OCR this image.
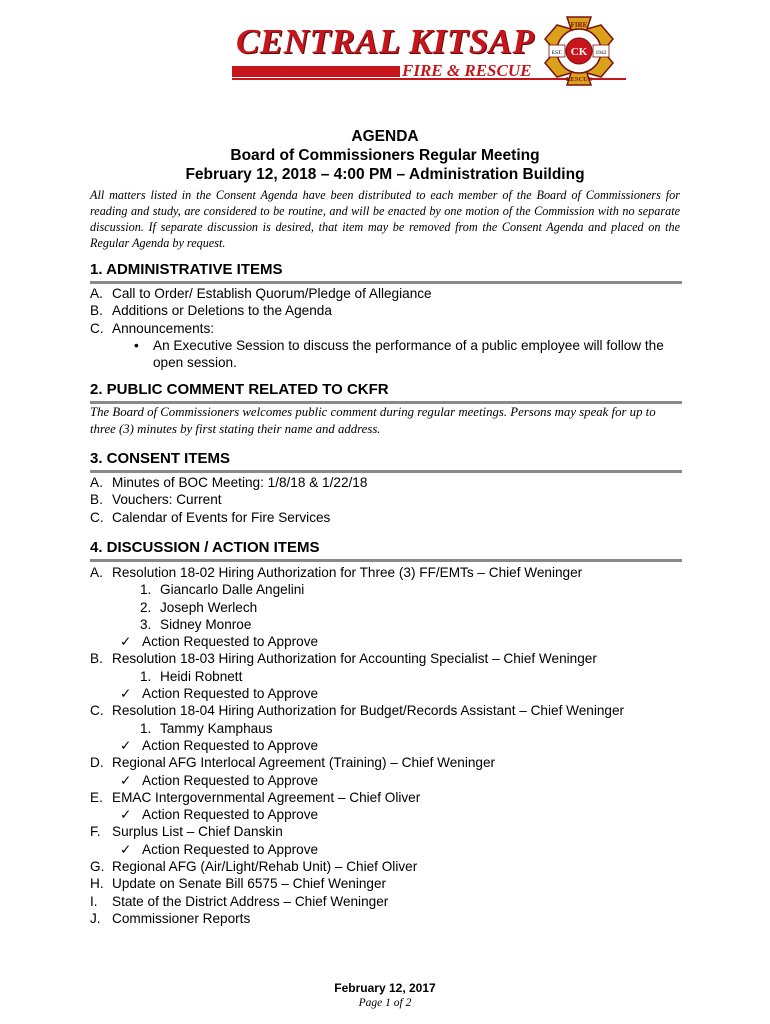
CENTRAL KITSAP
FIRE & RESCUE
EST.	1942
FIRE
RESCUE
CK
AGENDA
Board of Commissioners Regular Meeting
February 12, 2018 – 4:00 PM – Administration Building
All matters listed in the Consent Agenda have been distributed to each member of the Board of Commissioners for reading and study, are considered to be routine, and will be enacted by one motion of the Commission with no separate discussion. If separate discussion is desired, that item may be removed from the Consent Agenda and placed on the Regular Agenda by request.
1. ADMINISTRATIVE ITEMS
A. Call to Order/ Establish Quorum/Pledge of Allegiance
B. Additions or Deletions to the Agenda
C. Announcements:
• An Executive Session to discuss the performance of a public employee will follow the open session.
2. PUBLIC COMMENT RELATED TO CKFR
The Board of Commissioners welcomes public comment during regular meetings. Persons may speak for up to three (3) minutes by first stating their name and address.
3. CONSENT ITEMS
A. Minutes of BOC Meeting: 1/8/18 & 1/22/18
B. Vouchers: Current
C. Calendar of Events for Fire Services
4. DISCUSSION / ACTION ITEMS
A. Resolution 18-02 Hiring Authorization for Three (3) FF/EMTs – Chief Weninger
1. Giancarlo Dalle Angelini
2. Joseph Werlech
3. Sidney Monroe
✓ Action Requested to Approve
B. Resolution 18-03 Hiring Authorization for Accounting Specialist – Chief Weninger
1. Heidi Robnett
✓ Action Requested to Approve
C. Resolution 18-04 Hiring Authorization for Budget/Records Assistant – Chief Weninger
1. Tammy Kamphaus
✓ Action Requested to Approve
D. Regional AFG Interlocal Agreement (Training) – Chief Weninger
✓ Action Requested to Approve
E. EMAC Intergovernmental Agreement – Chief Oliver
✓ Action Requested to Approve
F. Surplus List – Chief Danskin
✓ Action Requested to Approve
G. Regional AFG (Air/Light/Rehab Unit) – Chief Oliver
H. Update on Senate Bill 6575 – Chief Weninger
I. State of the District Address – Chief Weninger
J. Commissioner Reports
February 12, 2017
Page 1 of 2
